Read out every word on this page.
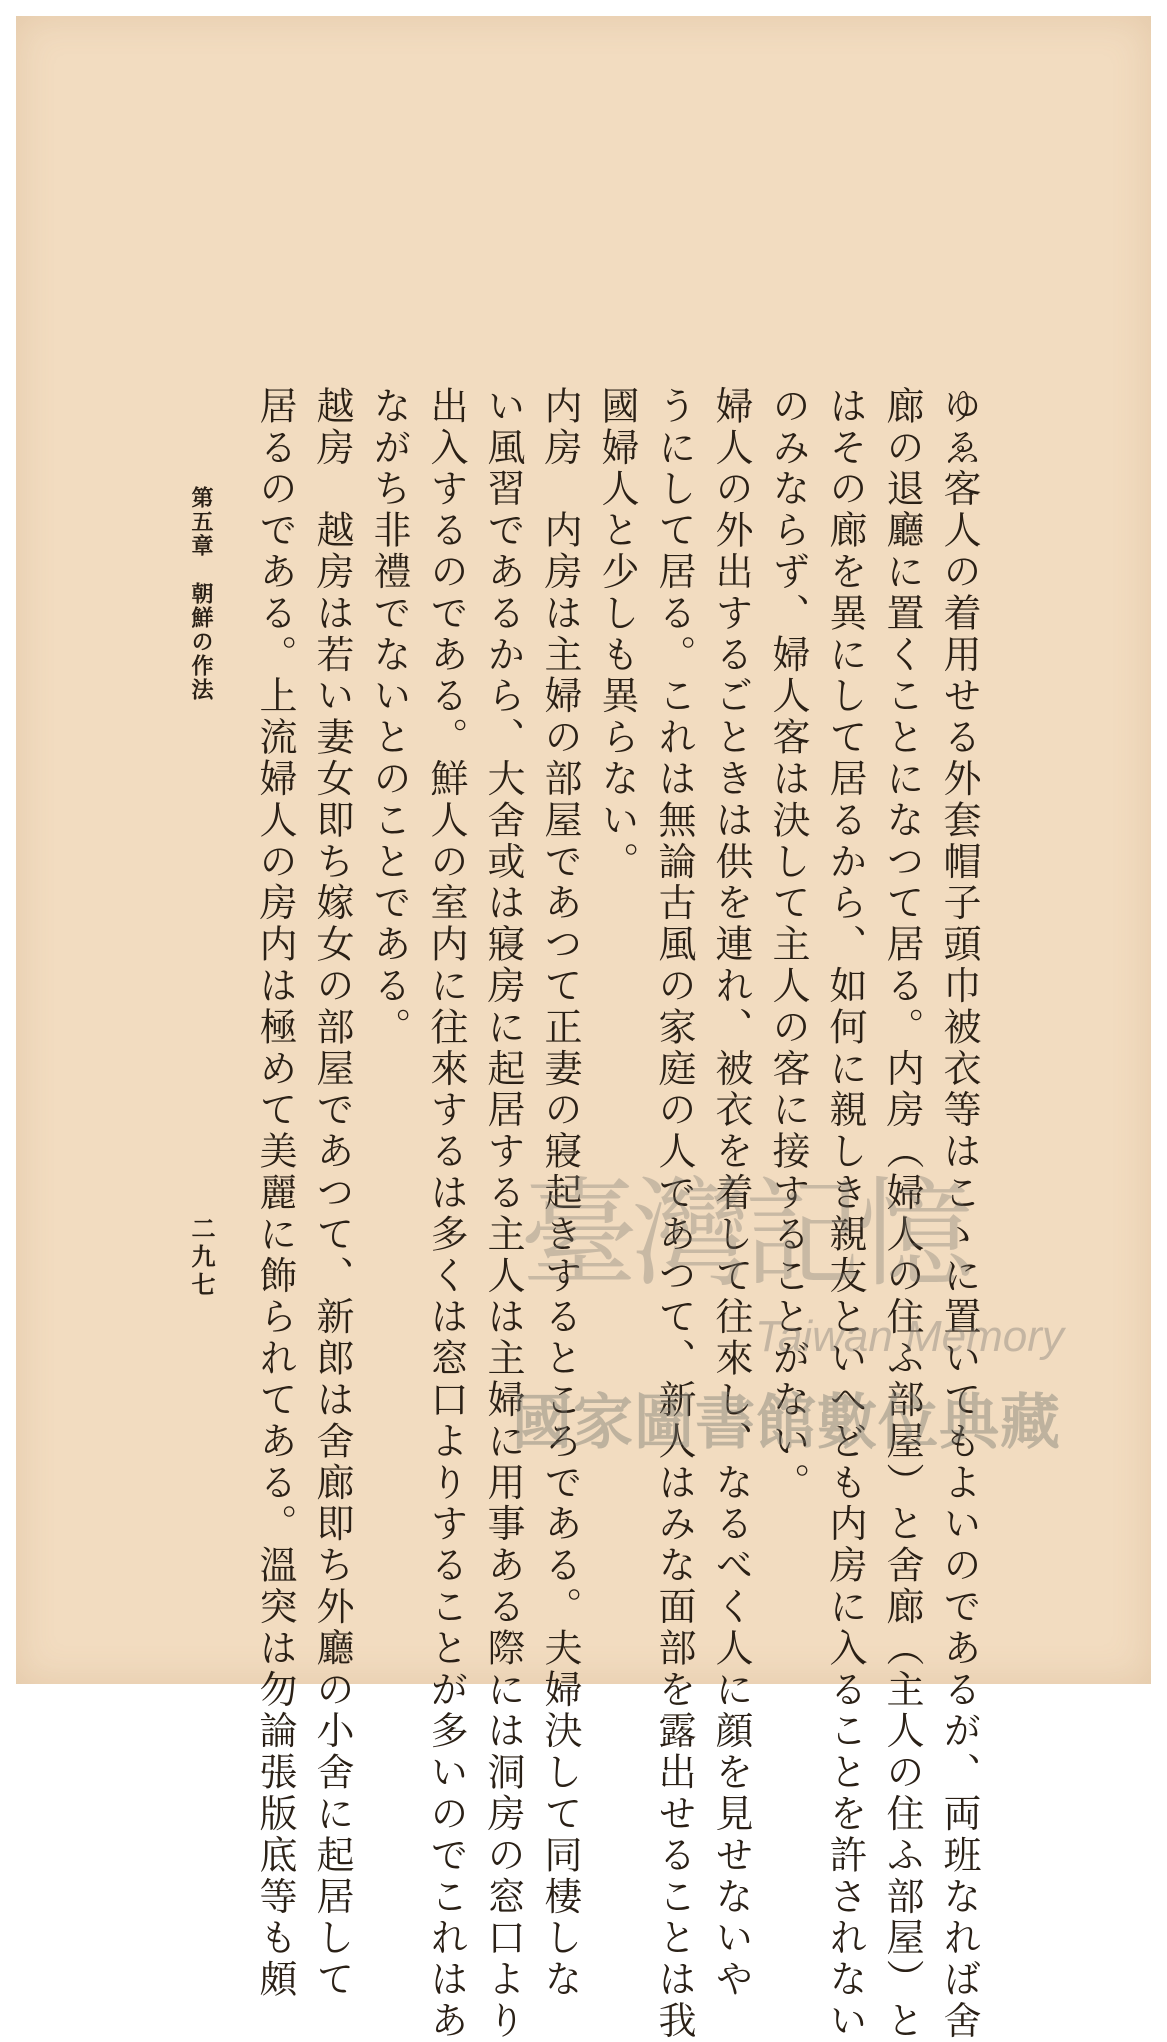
ゆゑ客人の着用せる外套帽子頭巾被衣等はこゝに置いてもよいのであるが、両班なれば舍
廊の退廳に置くことになつて居る。内房（婦人の住ふ部屋）と舍廊（主人の住ふ部屋）と
はその廊を異にして居るから、如何に親しき親友といへども内房に入ることを許されない
のみならず、婦人客は決して主人の客に接することがない。
婦人の外出するごときは供を連れ、被衣を着して往來し、なるべく人に顔を見せないや
うにして居る。これは無論古風の家庭の人であつて、新人はみな面部を露出せることは我
國婦人と少しも異らない。
内房　内房は主婦の部屋であつて正妻の寢起きするところである。夫婦決して同棲しな
い風習であるから、大舍或は寢房に起居する主人は主婦に用事ある際には洞房の窓口より
出入するのである。鮮人の室内に往來するは多くは窓口よりすることが多いのでこれはあ
ながち非禮でないとのことである。
越房　越房は若い妻女即ち嫁女の部屋であつて、新郎は舍廊即ち外廳の小舍に起居して
居るのである。上流婦人の房内は極めて美麗に飾られてある。溫突は勿論張版底等も頗
第五章　朝鮮の作法
二九七	臺灣記憶
Taiwan Memory
國家圖書館數位典藏
